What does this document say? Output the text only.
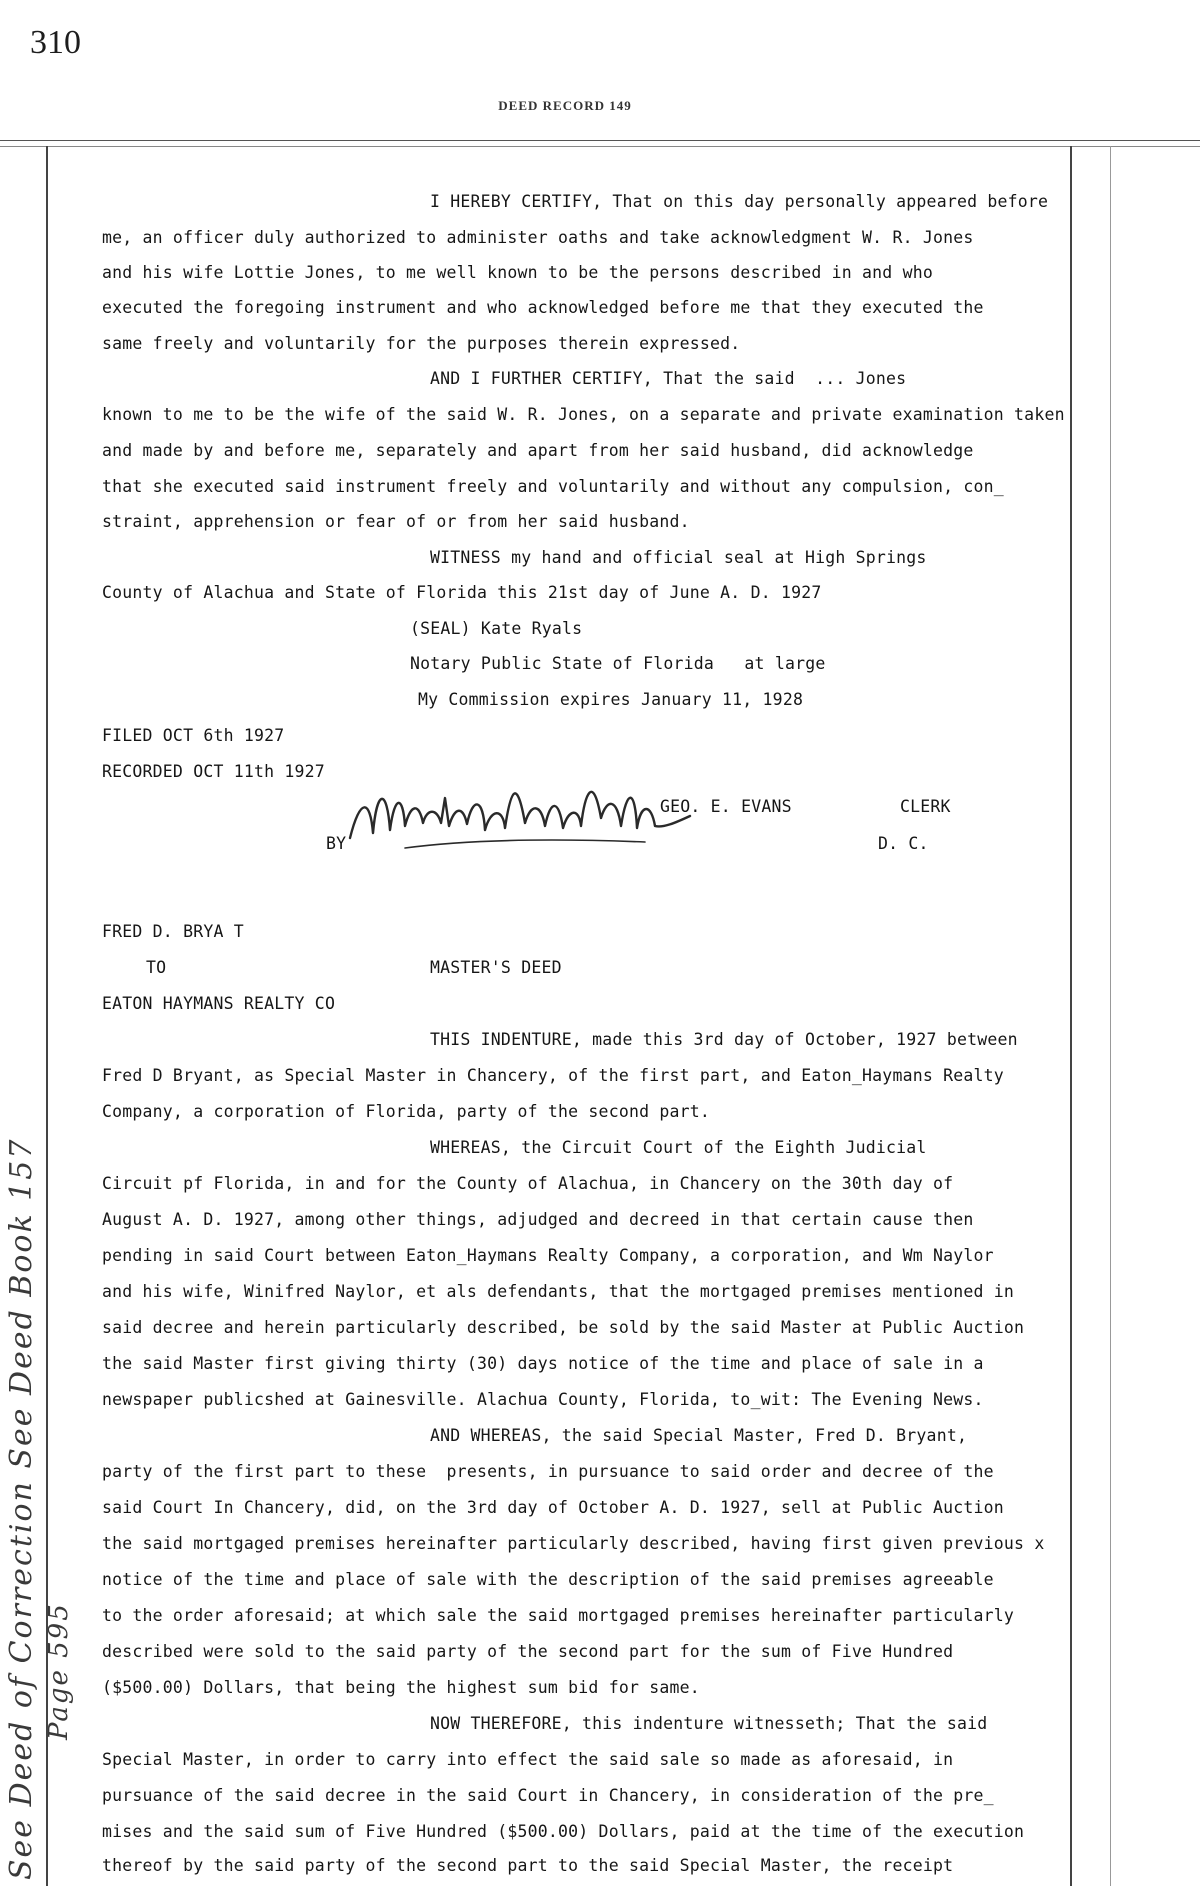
310
DEED RECORD 149
See Deed of Correction See Deed Book 157 Page 595
I HEREBY CERTIFY, That on this day personally appeared before
me, an officer duly authorized to administer oaths and take acknowledgment W. R. Jones
and his wife Lottie Jones, to me well known to be the persons described in and who
executed the foregoing instrument and who acknowledged before me that they executed the
same freely and voluntarily for the purposes therein expressed.
AND I FURTHER CERTIFY, That the said  ... Jones
known to me to be the wife of the said W. R. Jones, on a separate and private examination taken
and made by and before me, separately and apart from her said husband, did acknowledge
that she executed said instrument freely and voluntarily and without any compulsion, con_
straint, apprehension or fear of or from her said husband.
WITNESS my hand and official seal at High Springs
County of Alachua and State of Florida this 21st day of June A. D. 1927
(SEAL) Kate Ryals
Notary Public State of Florida   at large
My Commission expires January 11, 1928
FILED OCT 6th 1927
RECORDED OCT 11th 1927
GEO. E. EVANS	CLERK
BY	D. C.
FRED D. BRYA T
TO	MASTER'S DEED
EATON HAYMANS REALTY CO
THIS INDENTURE, made this 3rd day of October, 1927 between
Fred D Bryant, as Special Master in Chancery, of the first part, and Eaton_Haymans Realty
Company, a corporation of Florida, party of the second part.
WHEREAS, the Circuit Court of the Eighth Judicial
Circuit pf Florida, in and for the County of Alachua, in Chancery on the 30th day of
August A. D. 1927, among other things, adjudged and decreed in that certain cause then
pending in said Court between Eaton_Haymans Realty Company, a corporation, and Wm Naylor
and his wife, Winifred Naylor, et als defendants, that the mortgaged premises mentioned in
said decree and herein particularly described, be sold by the said Master at Public Auction
the said Master first giving thirty (30) days notice of the time and place of sale in a
newspaper publicshed at Gainesville. Alachua County, Florida, to_wit: The Evening News.
AND WHEREAS, the said Special Master, Fred D. Bryant,
party of the first part to these  presents, in pursuance to said order and decree of the
said Court In Chancery, did, on the 3rd day of October A. D. 1927, sell at Public Auction
the said mortgaged premises hereinafter particularly described, having first given previous x
notice of the time and place of sale with the description of the said premises agreeable
to the order aforesaid; at which sale the said mortgaged premises hereinafter particularly
described were sold to the said party of the second part for the sum of Five Hundred
($500.00) Dollars, that being the highest sum bid for same.
NOW THEREFORE, this indenture witnesseth; That the said
Special Master, in order to carry into effect the said sale so made as aforesaid, in
pursuance of the said decree in the said Court in Chancery, in consideration of the pre_
mises and the said sum of Five Hundred ($500.00) Dollars, paid at the time of the execution
thereof by the said party of the second part to the said Special Master, the receipt
